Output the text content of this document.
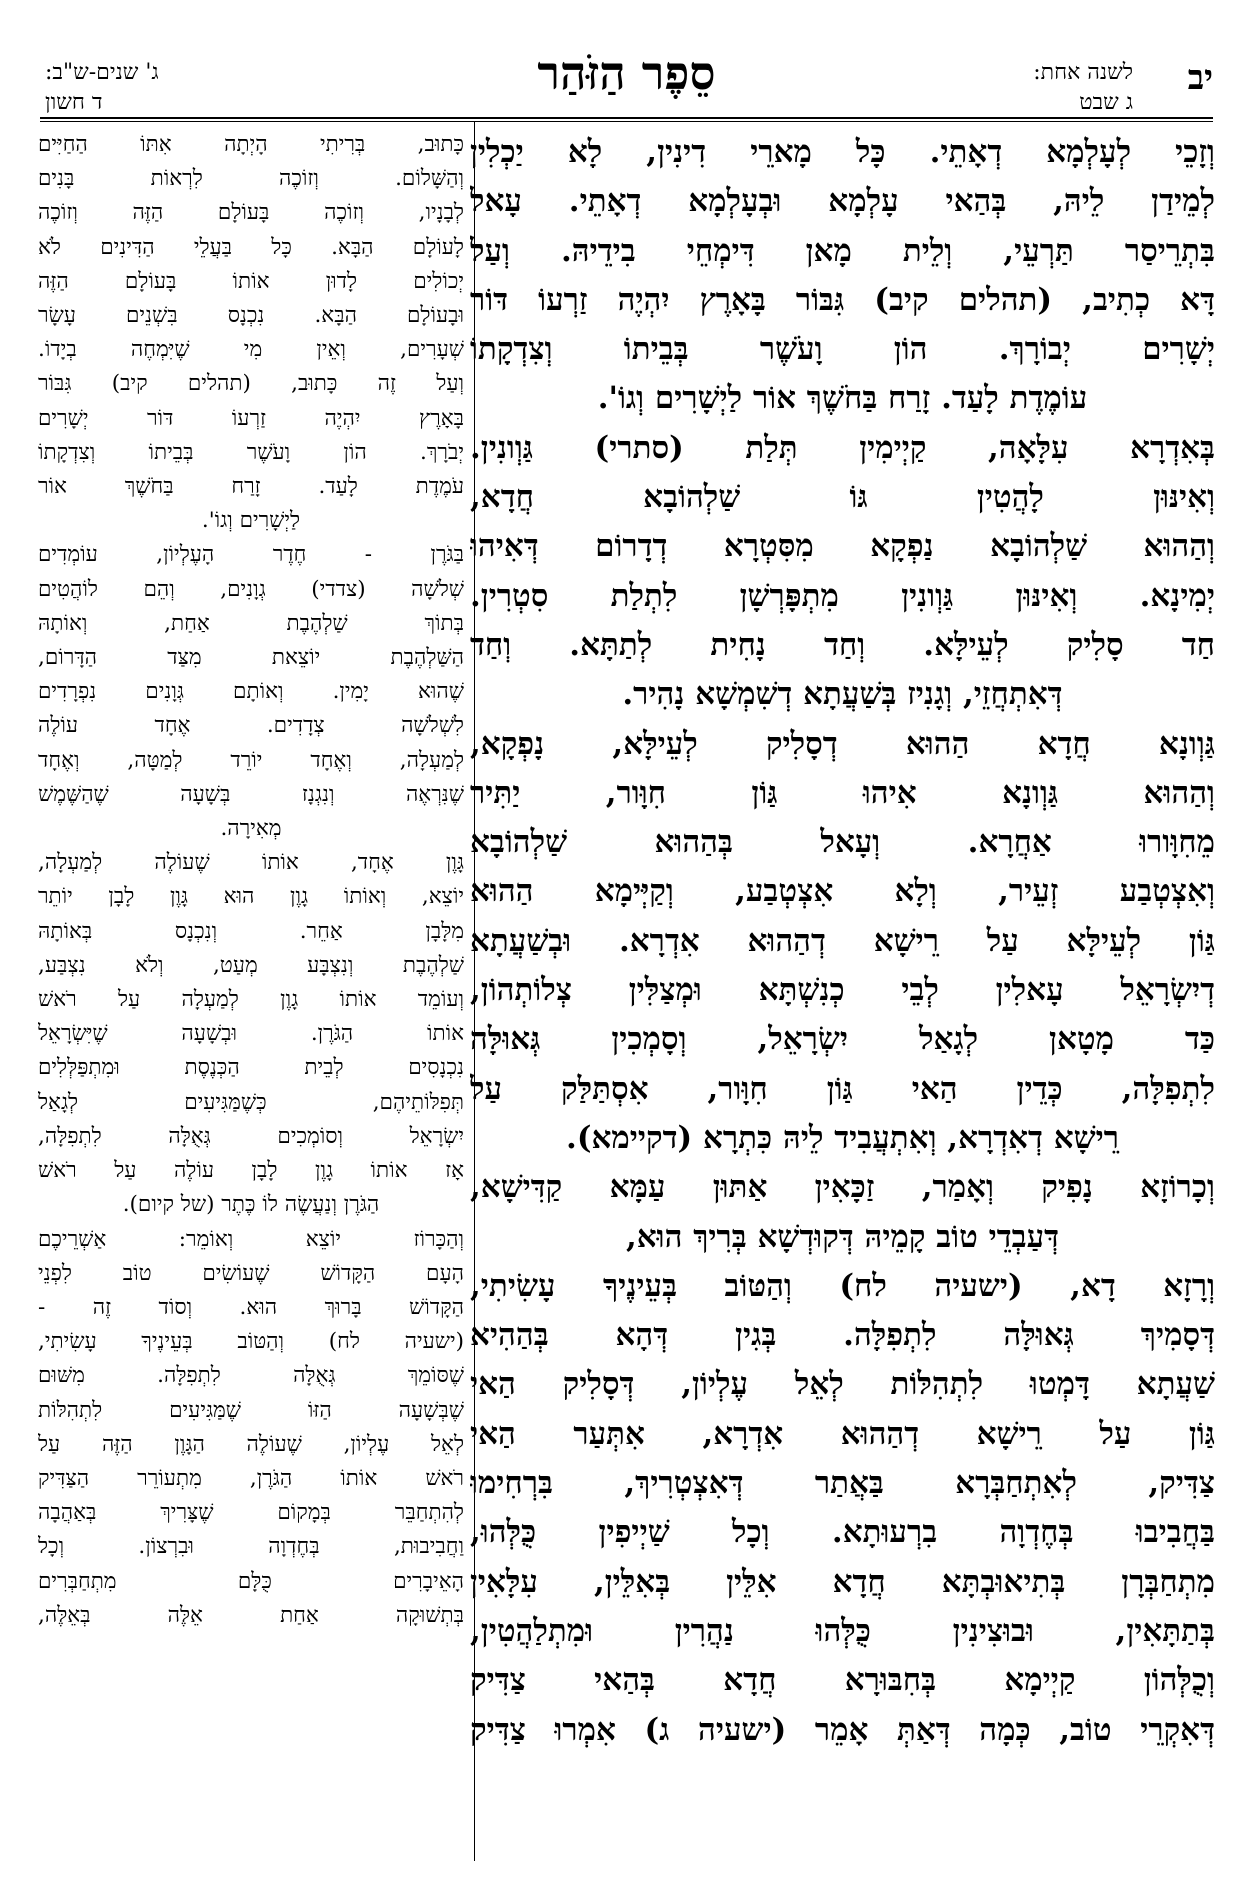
יב
לשנה אחת:
ג שבט
סֵפֶר הַזֹּהַר
ג' שנים-ש"ב:
ד חשון

וְזָכֵי לְעָלְמָא דְאָתֵי. כָּל מָארֵי דִינִין, לָא יַכְלִין

לְמֵידַן לֵיהּ, בְּהַאי עָלְמָא וּבְעָלְמָא דְאָתֵי. עָאל

בִּתְרֵיסַר תַּרְעֵי, וְלֵית מָאן דִּימְחֵי בִידֵיהּ. וְעַל

דָּא כְתִיב, (תהלים קיב) גִּבּוֹר בָּאָרֶץ יִהְיֶה זַרְעוֹ דּוֹר

יְשָׁרִים יְבוֹרָךְ. הוֹן וָעֹשֶׁר בְּבֵיתוֹ וְצִדְקָתוֹ

עוֹמֶדֶת לָעַד. זָרַח בַּחֹשֶׁךְ אוֹר לַיְשָׁרִים וְגוֹ'.

בְּאִדְרָא עִלָּאָה, קַיְימִין תְּלַת (סתרי) גַּוְונִין.

וְאִינּוּן לָהֲטִין גּוֹ שַׁלְהוֹבָא חֲדָא,

וְהַהוּא שַׁלְהוֹבָא נַפְקָא מִסִּטְרָא דְדָרוֹם דְּאִיהוּ

יְמִינָא. וְאִינּוּן גַּוְונִין מִתְפָּרְשָׁן לִתְלַת סִטְרִין.

חַד סָלִיק לְעֵילָּא. וְחַד נָחִית לְתַתָּא. וְחַד

דְּאִתְחֲזֵי, וְגָנִיז בְּשַׁעֲתָא דְשִׁמְשָׁא נָהִיר.

גַּוְונָא חֲדָא הַהוּא דְסָלִיק לְעֵילָּא, נָפְקָא,

וְהַהוּא גַּוְונָא אִיהוּ גַּוֹן חִוָּור, יַתִּיר

מֵחִוָּורוּ אַחֲרָא. וְעָאל בְּהַהוּא שַׁלְהוֹבָא

וְאִצְטְבַע זְעֵיר, וְלָא אִצְטְבַע, וְקַיְּימָא הַהוּא

גַּוֹן לְעֵילָּא עַל רֵישָׁא דְהַהוּא אִדְרָא. וּבְשַׁעֲתָא

דְיִשְׂרָאֵל עָאלִין לְבֵי כְנִשְׁתָּא וּמְצַלִּין צְלוֹתְהוֹן,

כַּד מָטָאן לְגָאַל יִשְׂרָאֵל, וְסָמְכִין גְּאוּלָּה

לִתְפִלָּה, כְּדֵין הַאי גַּוֹן חִוָּור, אִסְתַּלַּק עַל

רֵישָׁא דְאִדְרָא, וְאִתְעֲבִיד לֵיהּ כִּתְרָא (דקיימא).

וְכָרוֹזָא נָפִיק וְאָמַר, זַכָּאִין אַתּוּן עַמָּא קַדִּישָׁא,

דְּעַבְדֵי טוֹב קָמֵיהּ דְּקוּדְשָׁא בְּרִיךְ הוּא,

וְרָזָא דָא, (ישעיה לח) וְהַטּוֹב בְּעֵינֶיךָ עָשִׂיתִי,

דְּסָמִיךְ גְּאוּלָּה לִתְפִלָּה. בְּגִין דְּהָא בְּהַהִיא

שַׁעֲתָא דָּמְטוּ לִתְהִלּוֹת לְאֵל עֶלְיוֹן, דְּסָלִיק הַאי

גַּוֹן עַל רֵישָׁא דְהַהוּא אִדְרָא, אִתְּעַר הַאי

צַדִּיק, לְאִתְחַבְּרָא בַּאֲתַר דְּאִצְטְרִיךְ, בִּרְחִימוּ

בַּחֲבִיבוּ בְּחֶדְוָה בִרְעוּתָא. וְכָל שַׁיְיפִין כֻּלְּהוּ,

מִתְחַבְּרָן בְּתִיאוּבְתָּא חֲדָא אִלֵּין בְּאִלֵּין, עִלָּאִין

בְּתַתָּאִין, וּבוּצִינִין כֻּלְּהוּ נַהֲרִין וּמִתְלַהֲטִין,

וְכֻלְּהוֹן קַיְימָא בְּחִבּוּרָא חֲדָא בְּהַאי צַדִּיק

דְּאִקְרֵי טוֹב, כְּמָה דְּאַתְּ אָמֵר (ישעיה ג) אִמְרוּ צַדִּיק

כָּתוּב, בְּרִיתִי הָיְתָה אִתּוֹ הַחַיִּים

וְהַשָּׁלוֹם. וְזוֹכֶה לִרְאוֹת בָּנִים

לְבָנָיו, וְזוֹכֶה בָּעוֹלָם הַזֶּה וְזוֹכֶה

לָעוֹלָם הַבָּא. כָּל בַּעֲלֵי הַדִּינִים לֹא

יְכוֹלִים לָדוּן אוֹתוֹ בָּעוֹלָם הַזֶּה

וּבָעוֹלָם הַבָּא. נִכְנָס בִּשְׁנֵים עָשָׂר

שְׁעָרִים, וְאֵין מִי שֶׁיִּמְחֶה בְיָדוֹ.

וְעַל זֶה כָּתוּב, (תהלים קיב) גִּבּוֹר

בָּאָרֶץ יִהְיֶה זַרְעוֹ דּוֹר יְשָׁרִים

יְבֹרָךְ. הוֹן וָעֹשֶׁר בְּבֵיתוֹ וְצִדְקָתוֹ

עֹמֶדֶת לָעַד. זָרַח בַּחֹשֶׁךְ אוֹר

לַיְשָׁרִים וְגוֹ'.

בַּגֹּרֶן - חֶדֶר הָעֶלְיוֹן, עוֹמְדִים

שְׁלֹשָׁה (צדדי) גְוָנִים, וְהֵם לוֹהֲטִים

בְּתוֹךְ שַׁלְהֶבֶת אַחַת, וְאוֹתָהּ

הַשַּׁלְהֶבֶת יוֹצֵאת מִצַּד הַדָּרוֹם,

שֶׁהוּא יָמִין. וְאוֹתָם גְּוָנִים נִפְרָדִים

לִשְׁלֹשָׁה צְדָדִים. אֶחָד עוֹלֶה

לְמַעְלָה, וְאֶחָד יוֹרֵד לְמַטָּה, וְאֶחָד

שֶׁנִּרְאֶה וְנִגְנָז בְּשָׁעָה שֶׁהַשֶּׁמֶשׁ

מְאִירָה.

גָּוֶן אֶחָד, אוֹתוֹ שֶׁעוֹלֶה לְמַעְלָה,

יוֹצֵא, וְאוֹתוֹ גָוֶן הוּא גָּוֶן לָבָן יוֹתֵר

מִלָּבָן אַחֵר. וְנִכְנָס בְּאוֹתָהּ

שַׁלְהֶבֶת וְנִצְבָּע מְעַט, וְלֹא נִצְבַּע,

וְעוֹמֵד אוֹתוֹ גָוֶן לְמַעְלָה עַל רֹאשׁ

אוֹתוֹ הַגֹּרֶן. וּבְשָׁעָה שֶׁיִּשְׂרָאֵל

נִכְנָסִים לְבֵית הַכְּנֶסֶת וּמִתְפַּלְּלִים

תְּפִלּוֹתֵיהֶם, כְּשֶׁמַּגִּיעִים לְגָאַל

יִשְׂרָאֵל וְסוֹמְכִים גְּאֻלָּה לִתְפִלָּה,

אָז אוֹתוֹ גָוֶן לָבָן עוֹלֶה עַל רֹאשׁ

הַגֹּרֶן וְנַעֲשֶׂה לוֹ כֶּתֶר (של קיום).

וְהַכָּרוֹז יוֹצֵא וְאוֹמֵר: אַשְׁרֵיכֶם

הָעָם הַקָּדוֹשׁ שֶׁעוֹשִׂים טוֹב לִפְנֵי

הַקָּדוֹשׁ בָּרוּךְ הוּא. וְסוֹד זֶה -

(ישעיה לח) וְהַטּוֹב בְּעֵינֶיךָ עָשִׂיתִי,

שֶׁסּוֹמֵךְ גְּאֻלָּה לִתְפִלָּה. מִשּׁוּם

שֶׁבְּשָׁעָה הַזּוֹ שֶׁמַּגִּיעִים לִתְהִלּוֹת

לְאֵל עֶלְיוֹן, שֶׁעוֹלֶה הַגָּוֶן הַזֶּה עַל

רֹאשׁ אוֹתוֹ הַגֹּרֶן, מִתְעוֹרֵר הַצַּדִּיק

לְהִתְחַבֵּר בְּמָקוֹם שֶׁצָּרִיךְ בְּאַהֲבָה

וַחֲבִיבוּת, בְּחֶדְוָה וּבִרְצוֹן. וְכָל

הָאֵיבָרִים כֻּלָּם מִתְחַבְּרִים

בְּתְשׁוּקָה אַחַת אֵלֶּה בְּאֵלֶּה,
